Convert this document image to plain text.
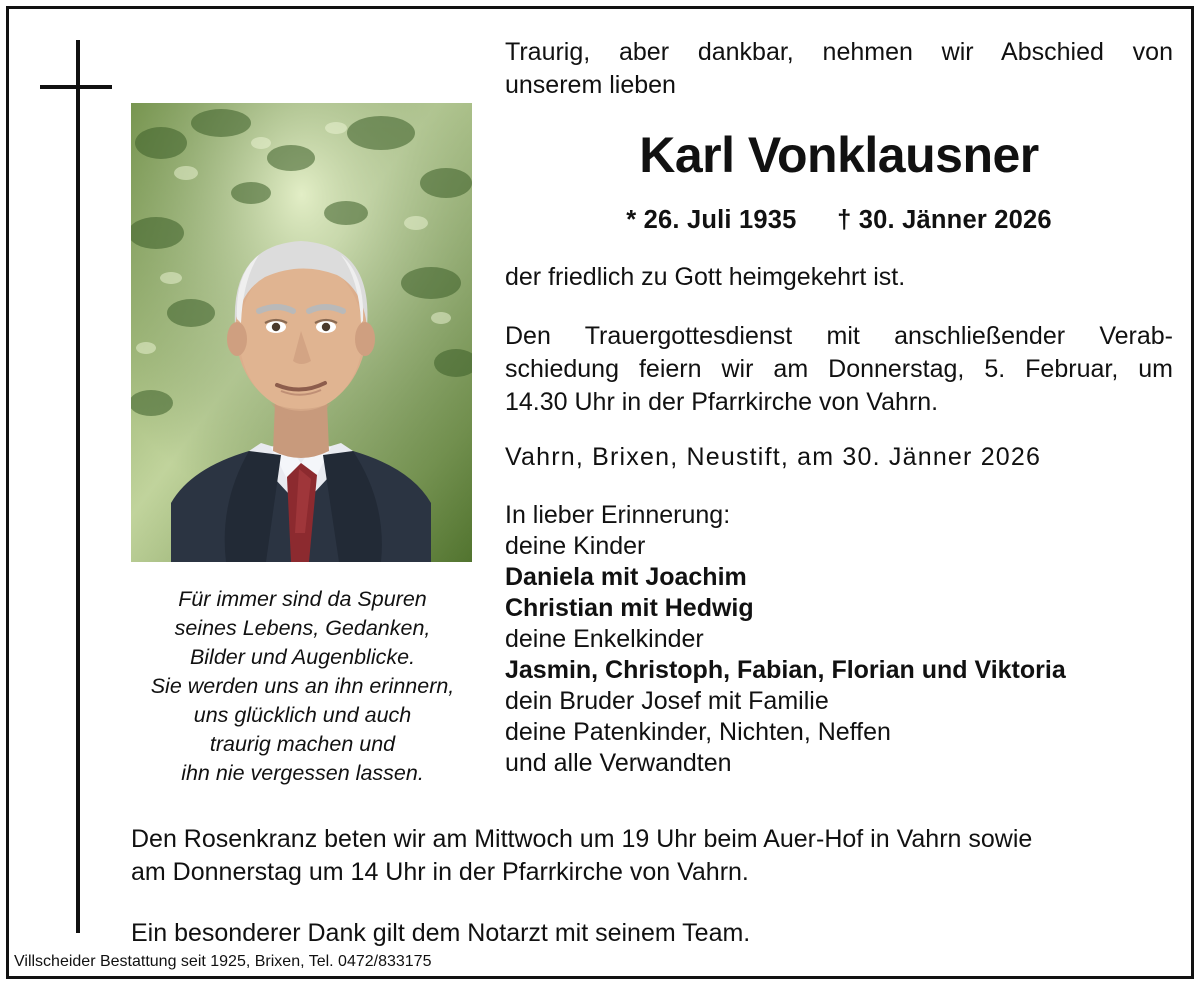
Für immer sind da Spuren
seines Lebens, Gedanken,
Bilder und Augenblicke.
Sie werden uns an ihn erinnern,
uns glücklich und auch
traurig machen und
ihn nie vergessen lassen.

Traurig, aber dankbar, nehmen wir Abschied von
unserem lieben

Karl Vonklausner
* 26. Juli 1935 † 30. Jänner 2026
der friedlich zu Gott heimgekehrt ist.
Den Trauergottesdienst mit anschließender Verab-
schiedung feiern wir am Donnerstag, 5. Februar, um
14.30 Uhr in der Pfarrkirche von Vahrn.
Vahrn, Brixen, Neustift, am 30. Jänner 2026
In lieber Erinnerung:
deine Kinder
Daniela mit Joachim
Christian mit Hedwig
deine Enkelkinder
Jasmin, Christoph, Fabian, Florian und Viktoria
dein Bruder Josef mit Familie
deine Patenkinder, Nichten, Neffen
und alle Verwandten
Den Rosenkranz beten wir am Mittwoch um 19 Uhr beim Auer-Hof in Vahrn sowie
am Donnerstag um 14 Uhr in der Pfarrkirche von Vahrn.
Ein besonderer Dank gilt dem Notarzt mit seinem Team.
Villscheider Bestattung seit 1925, Brixen, Tel. 0472/833175
